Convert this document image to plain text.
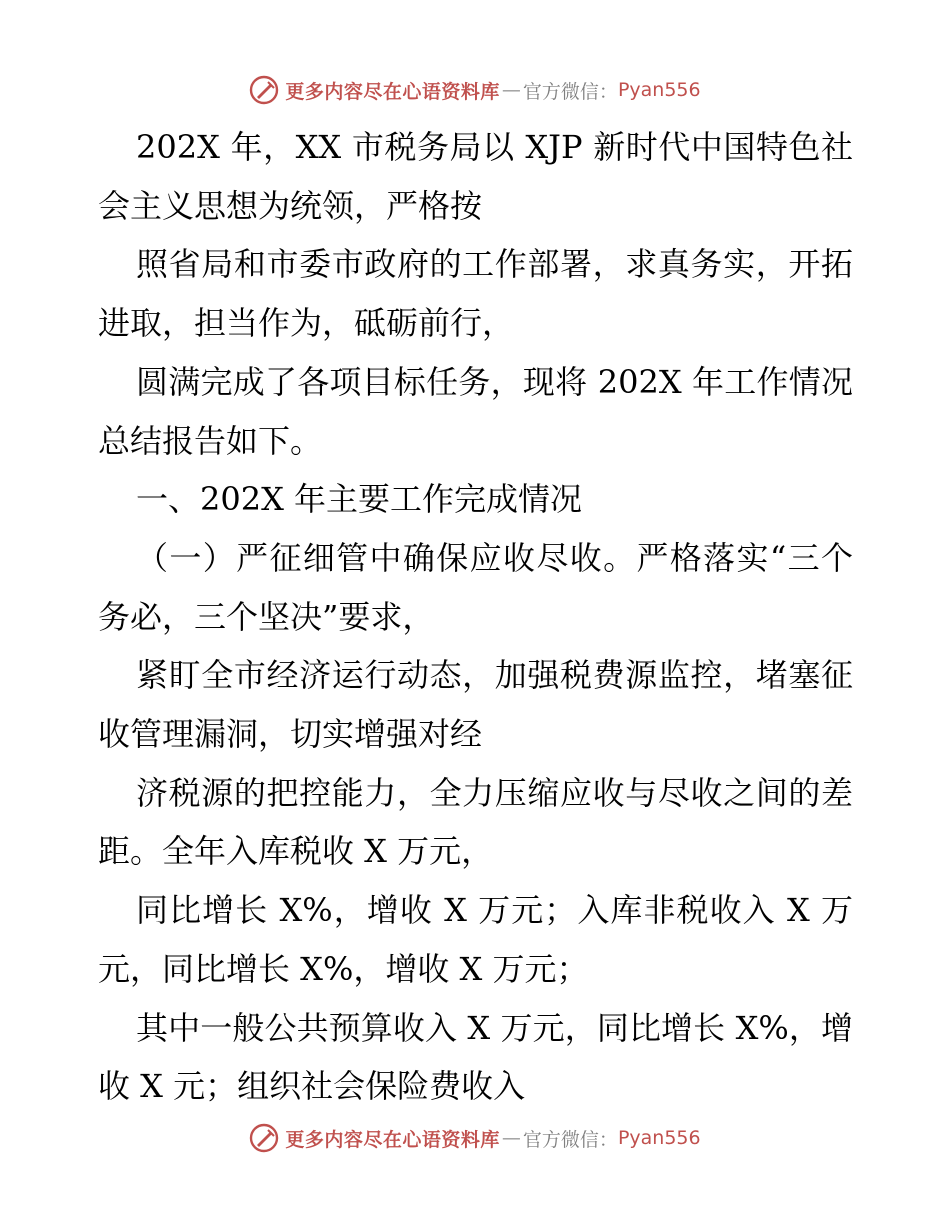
更多内容尽在心语资料库 — 官方微信： Pyan556

202X 年，XX 市税务局以 XJP 新时代中国特色社会主义思想为统领，严格按

照省局和市委市政府的工作部署，求真务实，开拓进取，担当作为，砥砺前行，

圆满完成了各项目标任务，现将 202X 年工作情况总结报告如下。

一、202X 年主要工作完成情况

（一）严征细管中确保应收尽收。严格落实“三个务必，三个坚决”要求，

紧盯全市经济运行动态，加强税费源监控，堵塞征收管理漏洞，切实增强对经

济税源的把控能力，全力压缩应收与尽收之间的差距。全年入库税收 X 万元，

同比增长 X%，增收 X 万元；入库非税收入 X 万元，同比增长 X%，增收 X 万元；

其中一般公共预算收入 X 万元，同比增长 X%，增收 X 元；组织社会保险费收入

更多内容尽在心语资料库 — 官方微信： Pyan556
